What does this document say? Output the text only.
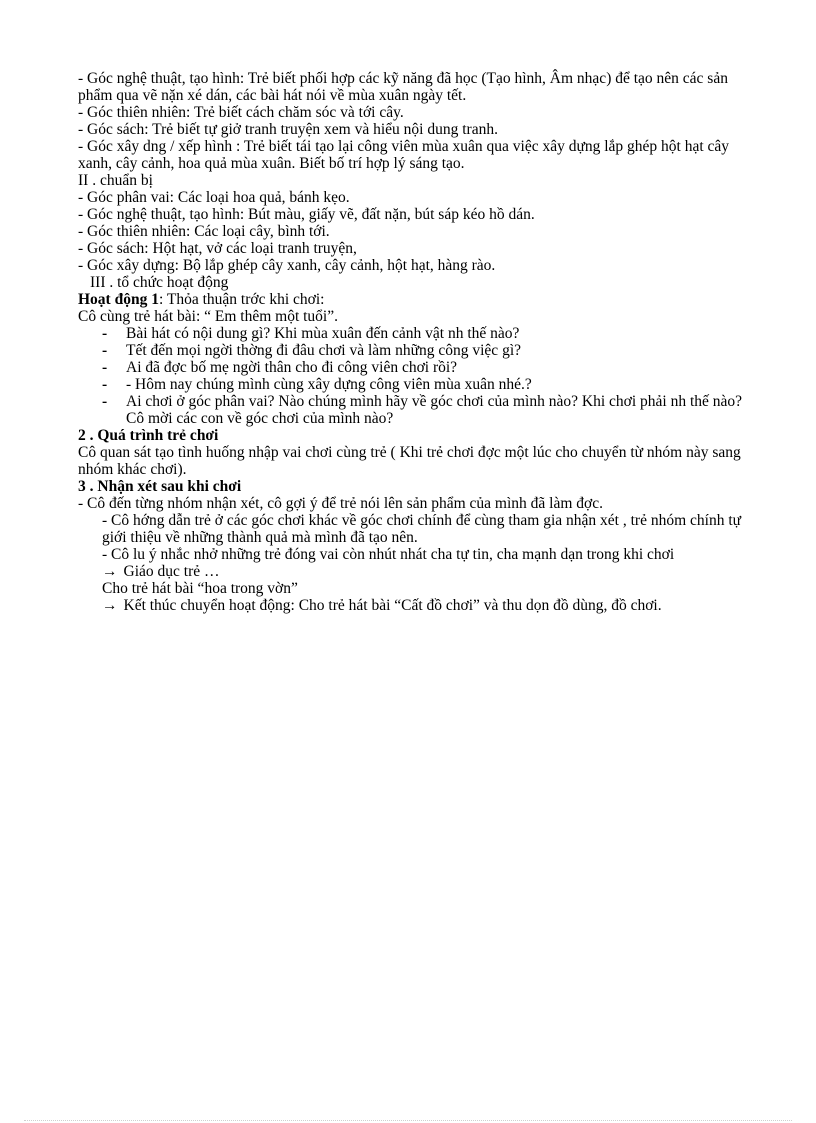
- Góc nghệ thuật, tạo hình: Trẻ biết phối hợp các kỹ năng đã học (Tạo hình, Âm nhạc) để tạo nên các sản phẩm qua vẽ nặn xé dán, các bài hát nói về mùa xuân ngày tết.

- Góc thiên nhiên: Trẻ biết cách chăm sóc và tới cây.

- Góc sách: Trẻ biết tự giở tranh truyện xem và hiểu nội dung tranh.

- Góc xây dng / xếp hình : Trẻ biết tái tạo lại công viên mùa xuân qua việc xây dựng lắp ghép hột hạt cây xanh, cây cảnh, hoa quả mùa xuân. Biết bố trí hợp lý sáng tạo.

II . chuẩn bị

- Góc phân vai: Các loại hoa quả, bánh kẹo.

- Góc nghệ thuật, tạo hình: Bút màu, giấy vẽ, đất nặn, bút sáp kéo hồ dán.

- Góc thiên nhiên: Các loại cây, bình tới.

- Góc sách: Hột hạt, vở các loại tranh truyện,

- Góc xây dựng: Bộ lắp ghép cây xanh, cây cảnh, hột hạt, hàng rào.

III . tổ chức hoạt động

Hoạt động 1: Thỏa thuận trớc khi chơi:

Cô cùng trẻ hát bài: “ Em thêm một tuổi”.

- Bài hát có nội dung gì? Khi mùa xuân đến cảnh vật nh thế nào?
- Tết đến mọi ngời thờng đi đâu chơi và làm những công việc gì?
- Ai đã đợc bố mẹ ngời thân cho đi công viên chơi rồi?
- - Hôm nay chúng mình cùng xây dựng công viên mùa xuân nhé.?
- Ai chơi ở góc phân vai? Nào chúng mình hãy về góc chơi của mình nào? Khi chơi phải nh thế nào? Cô mời các con về góc chơi của mình nào?

2 . Quá trình trẻ chơi

Cô quan sát tạo tình huống nhập vai chơi cùng trẻ ( Khi trẻ chơi đợc một lúc cho chuyển từ nhóm này sang nhóm khác chơi).

3 . Nhận xét sau khi chơi

- Cô đến từng nhóm nhận xét, cô gợi ý để trẻ nói lên sản phẩm của mình đã làm đợc.

- Cô hớng dẫn trẻ ở các góc chơi khác về góc chơi chính để cùng tham gia nhận xét , trẻ nhóm chính tự giới thiệu về những thành quả mà mình đã tạo nên.

- Cô lu ý nhắc nhở những trẻ đóng vai còn nhút nhát cha tự tin, cha mạnh dạn trong khi chơi

→ Giáo dục trẻ …

Cho trẻ hát bài “hoa trong vờn”

→ Kết thúc chuyển hoạt động: Cho trẻ hát bài “Cất đồ chơi” và thu dọn đồ dùng, đồ chơi.
